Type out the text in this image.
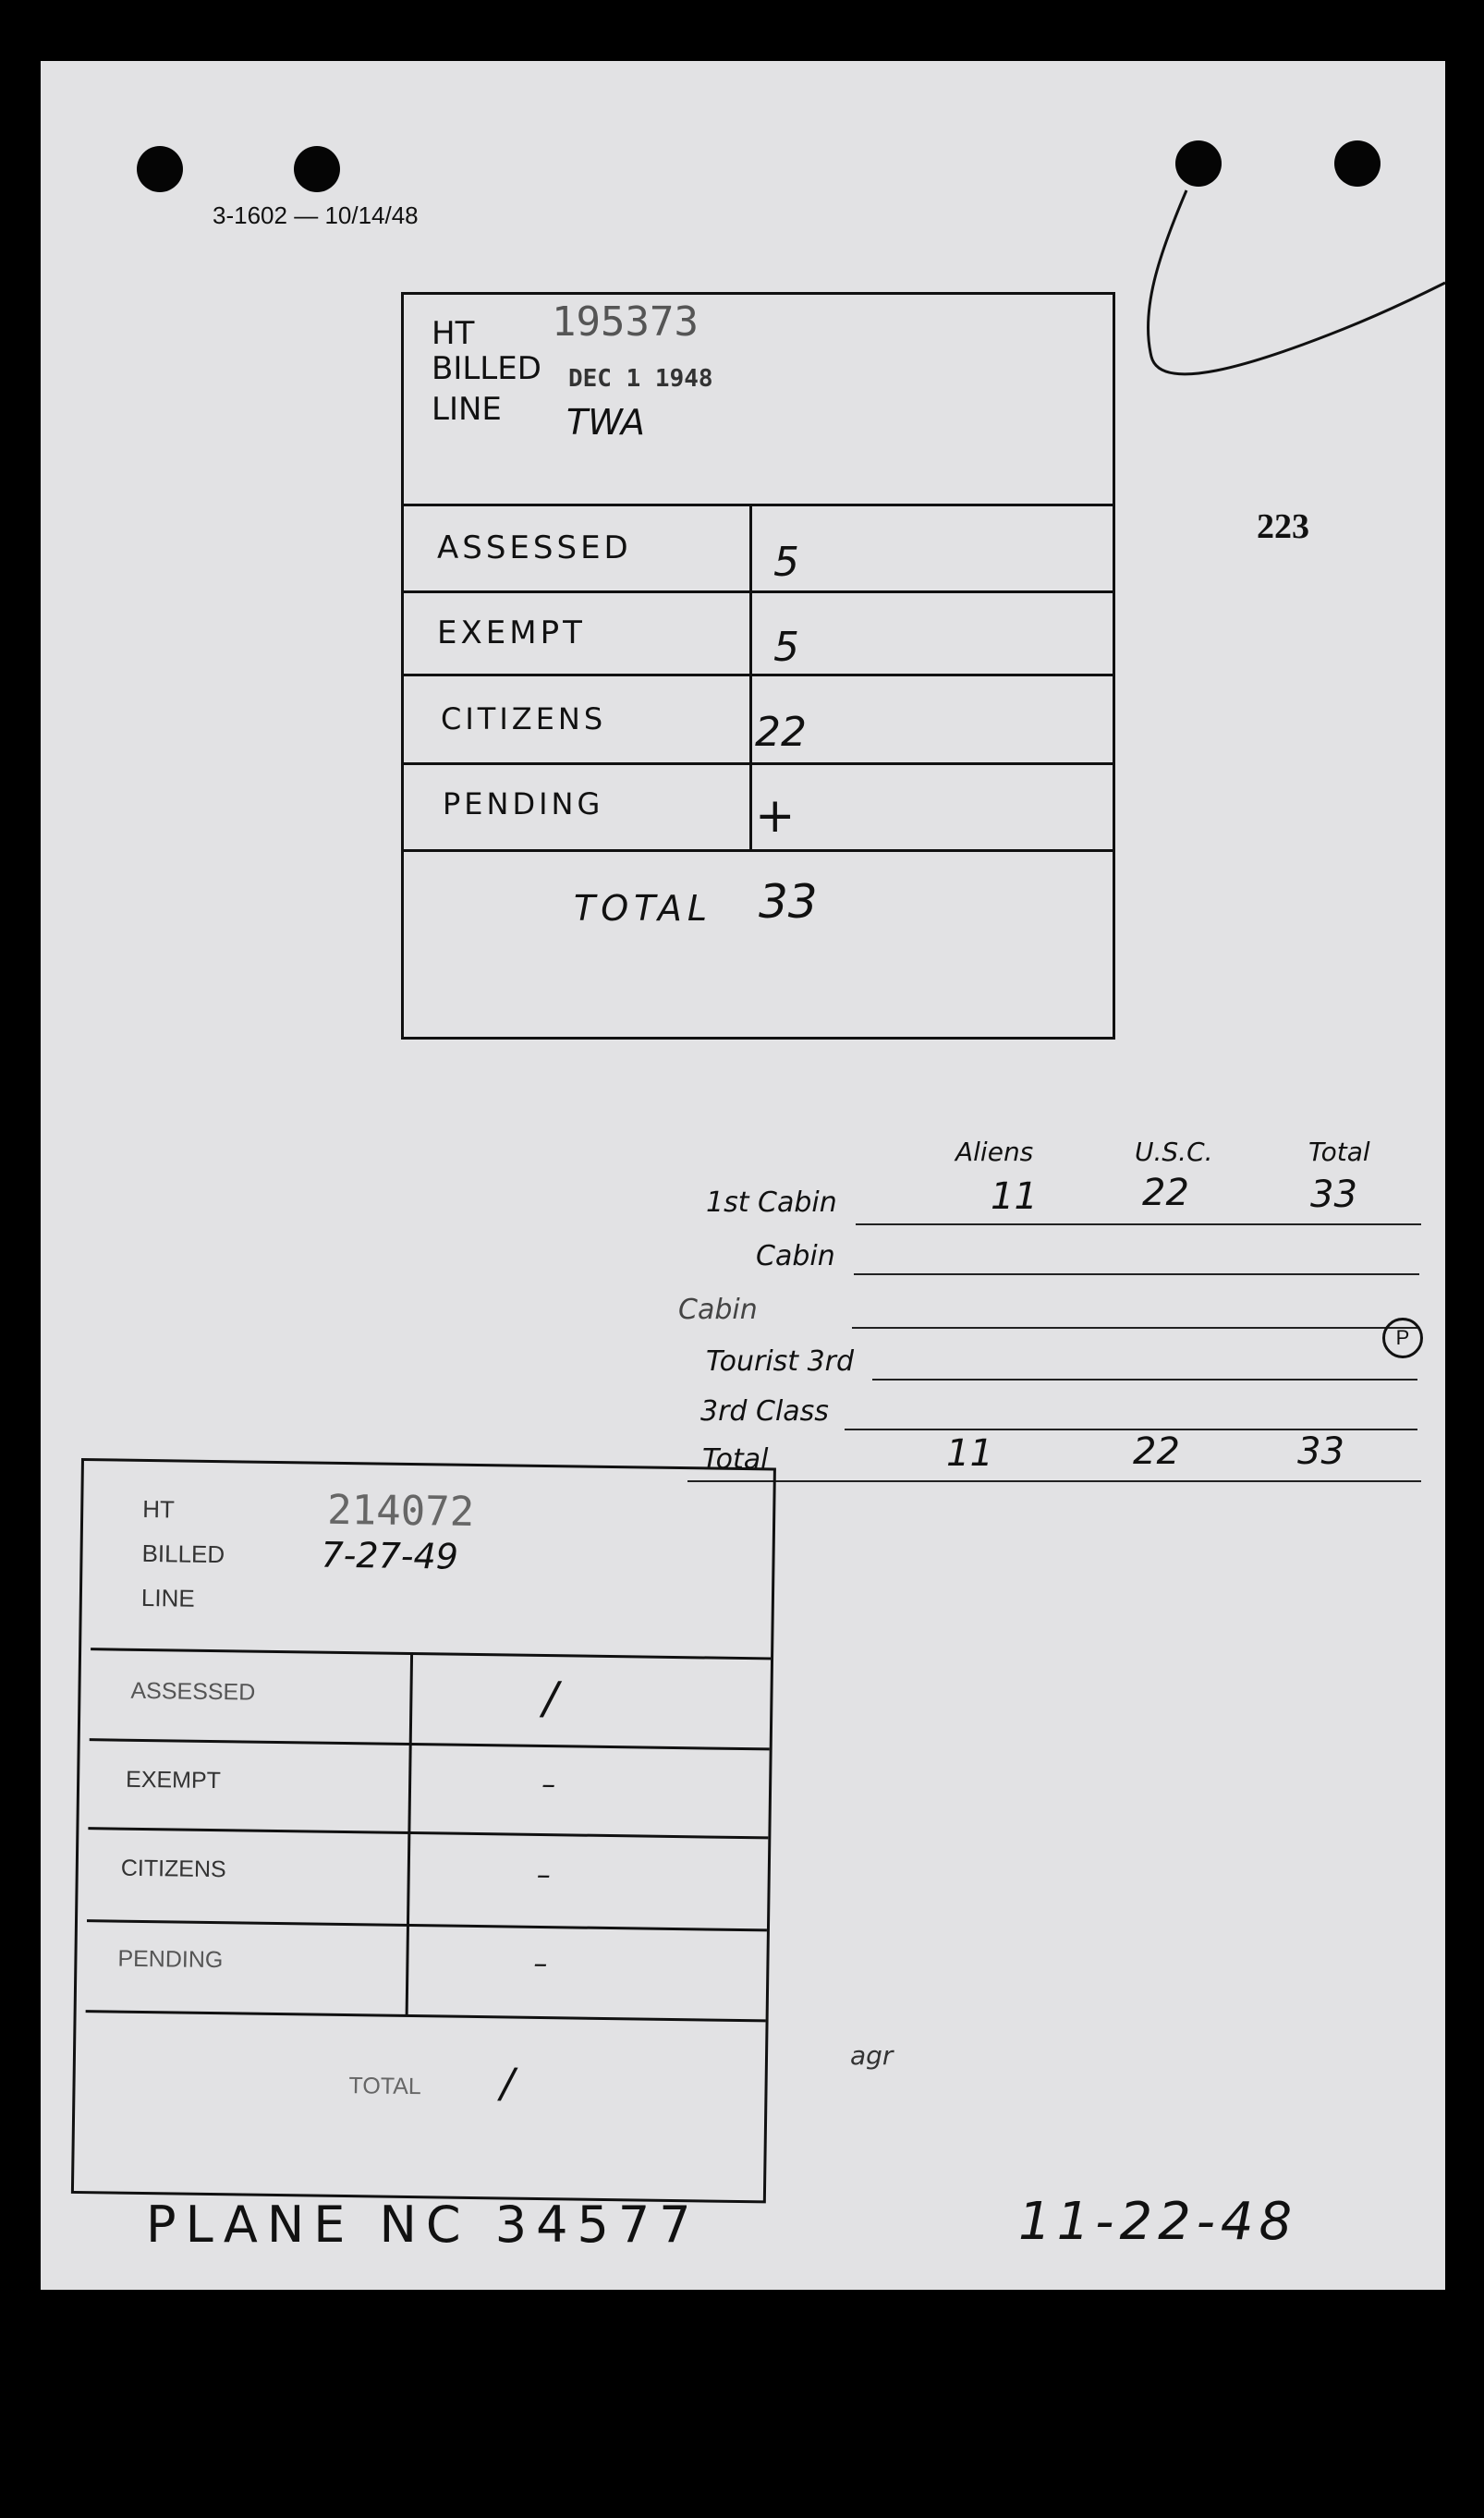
3-1602 — 10/14/48
223
HT 195373
BILLED DEC 1 1948
LINE TWA
ASSESSED	5
EXEMPT	5
CITIZENS	22
PENDING	+
TOTAL 33
Aliens	U.S.C.	Total
1st Cabin	11	22	33
Cabin
Cabin
Tourist 3rd
3rd Class
Total	11	22	33
P
HT	214072
BILLED	7-27-49
LINE
ASSESSED	/
EXEMPT	–
CITIZENS	–
PENDING	–
TOTAL /
agr
PLANE NC 34577	11-22-48
